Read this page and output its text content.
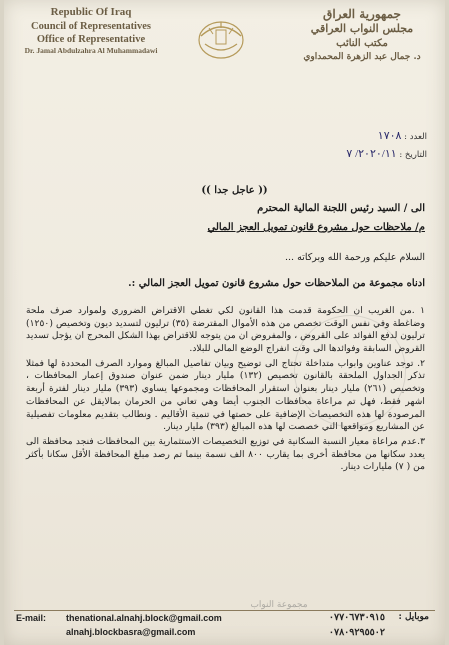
Republic Of Iraq
Council of Representatives
Office of Representative
Dr. Jamal Abdulzahra Al Muhammadawi
جمهورية العراق
مجلس النواب العراقي
مكتب النائب
د. جمال عبد الزهرة المحمداوي
العدد : ١٧٠٨
التاريخ : ٢٠٢٠/١١/ ٧
(( عاجل جدا ))
الى / السيد رئيس اللجنة المالية المحترم
م/ ملاحظات حول مشروع قانون تمويل العجز المالي
السلام عليكم ورحمة الله وبركاته ...
ادناه مجموعة من الملاحظات حول مشروع قانون تمويل العجز المالي :.

١ .من الغريب ان الحكومة قدمت هذا القانون لكي تغطي الاقتراض الضروري ولموارد صرف ملحة وضاغطة وفي نفس الوقت تخصص من هذه الأموال المقترضة (٣٥) ترليون لتسديد ديون وتخصيص (١٢٥٠) ترليون لدفع الفوائد على القروض ، والمفروض ان من يتوجه للاقتراض بهذا الشكل المحرج ان يؤجل تسديد القروض السابقة وفوائدها الى وقت انفراج الوضع المالي للبلاد.

٢. توجد عناوين وابواب متداخلة تحتاج الى توضيح وبيان تفاصيل المبالغ وموارد الصرف المحددة لها فمثلا تذكر الجداول الملحقة بالقانون تخصيص (١٣٢) مليار دينار ضمن عنوان صندوق إعمار المحافظات ، وتخصيص (٢٦١) مليار دينار بعنوان استقرار المحافظات ومجموعها يساوي (٣٩٣) مليار دينار لفترة أربعة اشهر فقط، فهل تم مراعاة محافظات الجنوب أيضا وهي تعاني من الحرمان بمالايقل عن المحافظات المرصودة لها هذه التخصيصات الإضافية على حصتها في تنمية الأقاليم . ونطالب بتقديم معلومات تفصيلية عن المشاريع ومواقعها التي خصصت لها هذه المبالغ (٣٩٣) مليار دينار.

٣.عدم مراعاة معيار النسبة السكانية في توزيع التخصيصات الاستثمارية بين المحافظات فنجد محافظة الى يعدد سكانها من محافظة أخرى بما يقارب ٨٠٠ الف نسمة بينما تم رصد مبلغ المحافظة الأقل سكانا بأكثر من ( ٧) مليارات دينار.

مجموعة النواب
E-mail: thenational.alnahj.block@gmail.com
alnahj.blockbasra@gmail.com
موبايل :
٠٧٧٠٦٧٣٠٩١٥
٠٧٨٠٩٢٩٥٥٠٢
